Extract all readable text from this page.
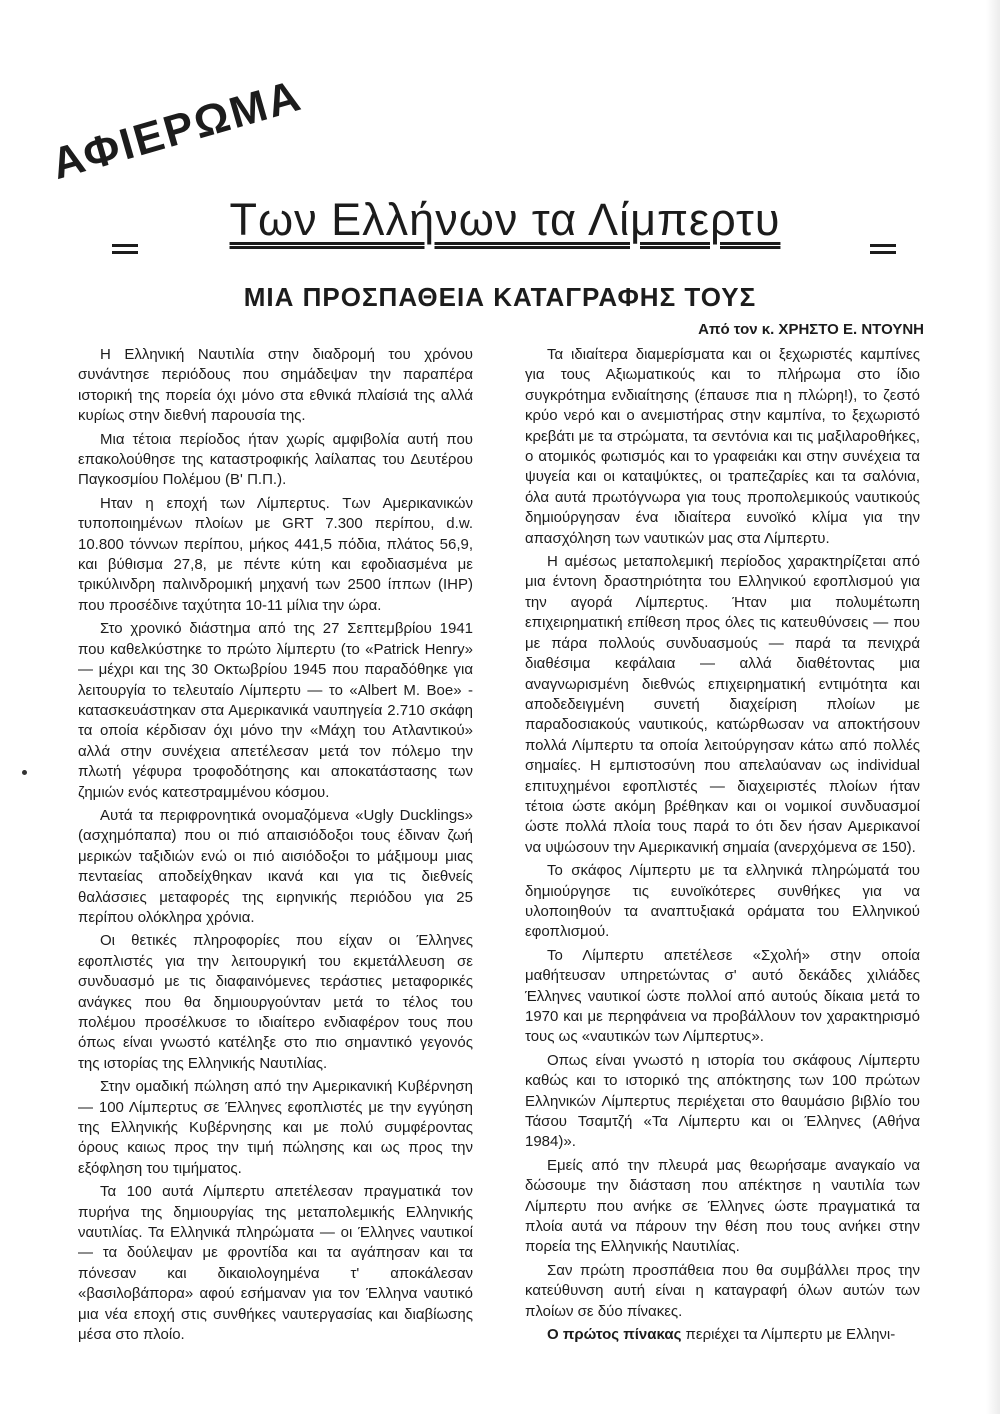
ΑΦΙΕΡΩΜΑ
Των Ελλήνων τα Λίμπερτυ
ΜΙΑ ΠΡΟΣΠΑΘΕΙΑ ΚΑΤΑΓΡΑΦΗΣ ΤΟΥΣ
Από τον κ. ΧΡΗΣΤΟ Ε. ΝΤΟΥΝΗ

Η Ελληνική Ναυτιλία στην διαδρομή του χρόνου συνάντησε περιόδους που σημάδεψαν την παραπέρα ιστορική της πορεία όχι μόνο στα εθνικά πλαίσιά της αλλά κυρίως στην διεθνή παρουσία της.

Μια τέτοια περίοδος ήταν χωρίς αμφιβολία αυτή που επακολούθησε της καταστροφικής λαίλαπας του Δευτέρου Παγκοσμίου Πολέμου (Β' Π.Π.).

Ηταν η εποχή των Λίμπερτυς. Των Αμερικανικών τυποποιημένων πλοίων με GRT 7.300 περίπου, d.w. 10.800 τόννων περίπου, μήκος 441,5 πόδια, πλάτος 56,9, και βύθισμα 27,8, με πέντε κύτη και εφοδιασμένα με τρικύλινδρη παλινδρομική μηχανή των 2500 ίππων (IHP) που προσέδινε ταχύτητα 10-11 μίλια την ώρα.

Στο χρονικό διάστημα από της 27 Σεπτεμβρίου 1941 που καθελκύστηκε το πρώτο λίμπερτυ (το «Patrick Henry» — μέχρι και της 30 Οκτωβρίου 1945 που παραδόθηκε για λειτουργία το τελευταίο Λίμπερτυ — το «Albert M. Boe» - κατασκευάστηκαν στα Αμερικανικά ναυπηγεία 2.710 σκάφη τα οποία κέρδισαν όχι μόνο την «Μάχη του Ατλαντικού» αλλά στην συνέχεια απετέλεσαν μετά τον πόλεμο την πλωτή γέφυρα τροφοδότησης και αποκατάστασης των ζημιών ενός κατεστραμμένου κόσμου.

Αυτά τα περιφρονητικά ονομαζόμενα «Ugly Ducklings» (ασχημόπαπα) που οι πιό απαισιόδοξοι τους έδιναν ζωή μερικών ταξιδιών ενώ οι πιό αισιόδοξοι το μάξιμουμ μιας πενταείας αποδείχθηκαν ικανά και για τις διεθνείς θαλάσσιες μεταφορές της ειρηνικής περιόδου για 25 περίπου ολόκληρα χρόνια.

Οι θετικές πληροφορίες που είχαν οι Έλληνες εφοπλιστές για την λειτουργική του εκμετάλλευση σε συνδυασμό με τις διαφαινόμενες τεράστιες μεταφορικές ανάγκες που θα δημιουργούνταν μετά το τέλος του πολέμου προσέλκυσε το ιδιαίτερο ενδιαφέρον τους που όπως είναι γνωστό κατέληξε στο πιο σημαντικό γεγονός της ιστορίας της Ελληνικής Ναυτιλίας.

Στην ομαδική πώληση από την Αμερικανική Κυβέρνηση — 100 Λίμπερτυς σε Έλληνες εφοπλιστές με την εγγύηση της Ελληνικής Κυβέρνησης και με πολύ συμφέροντας όρους καιως προς την τιμή πώλησης και ως προς την εξόφληση του τιμήματος.

Τα 100 αυτά Λίμπερτυ απετέλεσαν πραγματικά τον πυρήνα της δημιουργίας της μεταπολεμικής Ελληνικής ναυτιλίας. Τα Ελληνικά πληρώματα — οι Έλληνες ναυτικοί — τα δούλεψαν με φροντίδα και τα αγάπησαν και τα πόνεσαν και δικαιολογημένα τ' αποκάλεσαν «βασιλοβάπορα» αφού εσήμαναν για τον Έλληνα ναυτικό μια νέα εποχή στις συνθήκες ναυτεργασίας και διαβίωσης μέσα στο πλοίο.

Τα ιδιαίτερα διαμερίσματα και οι ξεχωριστές καμπίνες για τους Αξιωματικούς και το πλήρωμα στο ίδιο συγκρότημα ενδιαίτησης (έπαυσε πια η πλώρη!), το ζεστό κρύο νερό και ο ανεμιστήρας στην καμπίνα, το ξεχωριστό κρεβάτι με τα στρώματα, τα σεντόνια και τις μαξιλαροθήκες, ο ατομικός φωτισμός και το γραφειάκι και στην συνέχεια τα ψυγεία και οι καταψύκτες, οι τραπεζαρίες και τα σαλόνια, όλα αυτά πρωτόγνωρα για τους προπολεμικούς ναυτικούς δημιούργησαν ένα ιδιαίτερα ευνοϊκό κλίμα για την απασχόληση των ναυτικών μας στα Λίμπερτυ.

Η αμέσως μεταπολεμική περίοδος χαρακτηρίζεται από μια έντονη δραστηριότητα του Ελληνικού εφοπλισμού για την αγορά Λίμπερτυς. Ήταν μια πολυμέτωπη επιχειρηματική επίθεση προς όλες τις κατευθύνσεις — που με πάρα πολλούς συνδυασμούς — παρά τα πενιχρά διαθέσιμα κεφάλαια — αλλά διαθέτοντας μια αναγνωρισμένη διεθνώς επιχειρηματική εντιμότητα και αποδεδειγμένη συνετή διαχείριση πλοίων με παραδοσιακούς ναυτικούς, κατώρθωσαν να αποκτήσουν πολλά Λίμπερτυ τα οποία λειτούργησαν κάτω από πολλές σημαίες. Η εμπιστοσύνη που απελαύαναν ως individual επιτυχημένοι εφοπλιστές — διαχειριστές πλοίων ήταν τέτοια ώστε ακόμη βρέθηκαν και οι νομικοί συνδυασμοί ώστε πολλά πλοία τους παρά το ότι δεν ήσαν Αμερικανοί να υψώσουν την Αμερικανική σημαία (ανερχόμενα σε 150).

Το σκάφος Λίμπερτυ με τα ελληνικά πληρώματά του δημιούργησε τις ευνοϊκότερες συνθήκες για να υλοποιηθούν τα αναπτυξιακά οράματα του Ελληνικού εφοπλισμού.

Το Λίμπερτυ απετέλεσε «Σχολή» στην οποία μαθήτευσαν υπηρετώντας σ' αυτό δεκάδες χιλιάδες Έλληνες ναυτικοί ώστε πολλοί από αυτούς δίκαια μετά το 1970 και με περηφάνεια να προβάλλουν τον χαρακτηρισμό τους ως «ναυτικών των Λίμπερτυς».

Οπως είναι γνωστό η ιστορία του σκάφους Λίμπερτυ καθώς και το ιστορικό της απόκτησης των 100 πρώτων Ελληνικών Λίμπερτυς περιέχεται στο θαυμάσιο βιβλίο του Τάσου Τσαμτζή «Τα Λίμπερτυ και οι Έλληνες (Αθήνα 1984)».

Εμείς από την πλευρά μας θεωρήσαμε αναγκαίο να δώσουμε την διάσταση που απέκτησε η ναυτιλία των Λίμπερτυ που ανήκε σε Έλληνες ώστε πραγματικά τα πλοία αυτά να πάρουν την θέση που τους ανήκει στην πορεία της Ελληνικής Ναυτιλίας.

Σαν πρώτη προσπάθεια που θα συμβάλλει προς την κατεύθυνση αυτή είναι η καταγραφή όλων αυτών των πλοίων σε δύο πίνακες.

Ο πρώτος πίνακας περιέχει τα Λίμπερτυ με Ελληνι-
